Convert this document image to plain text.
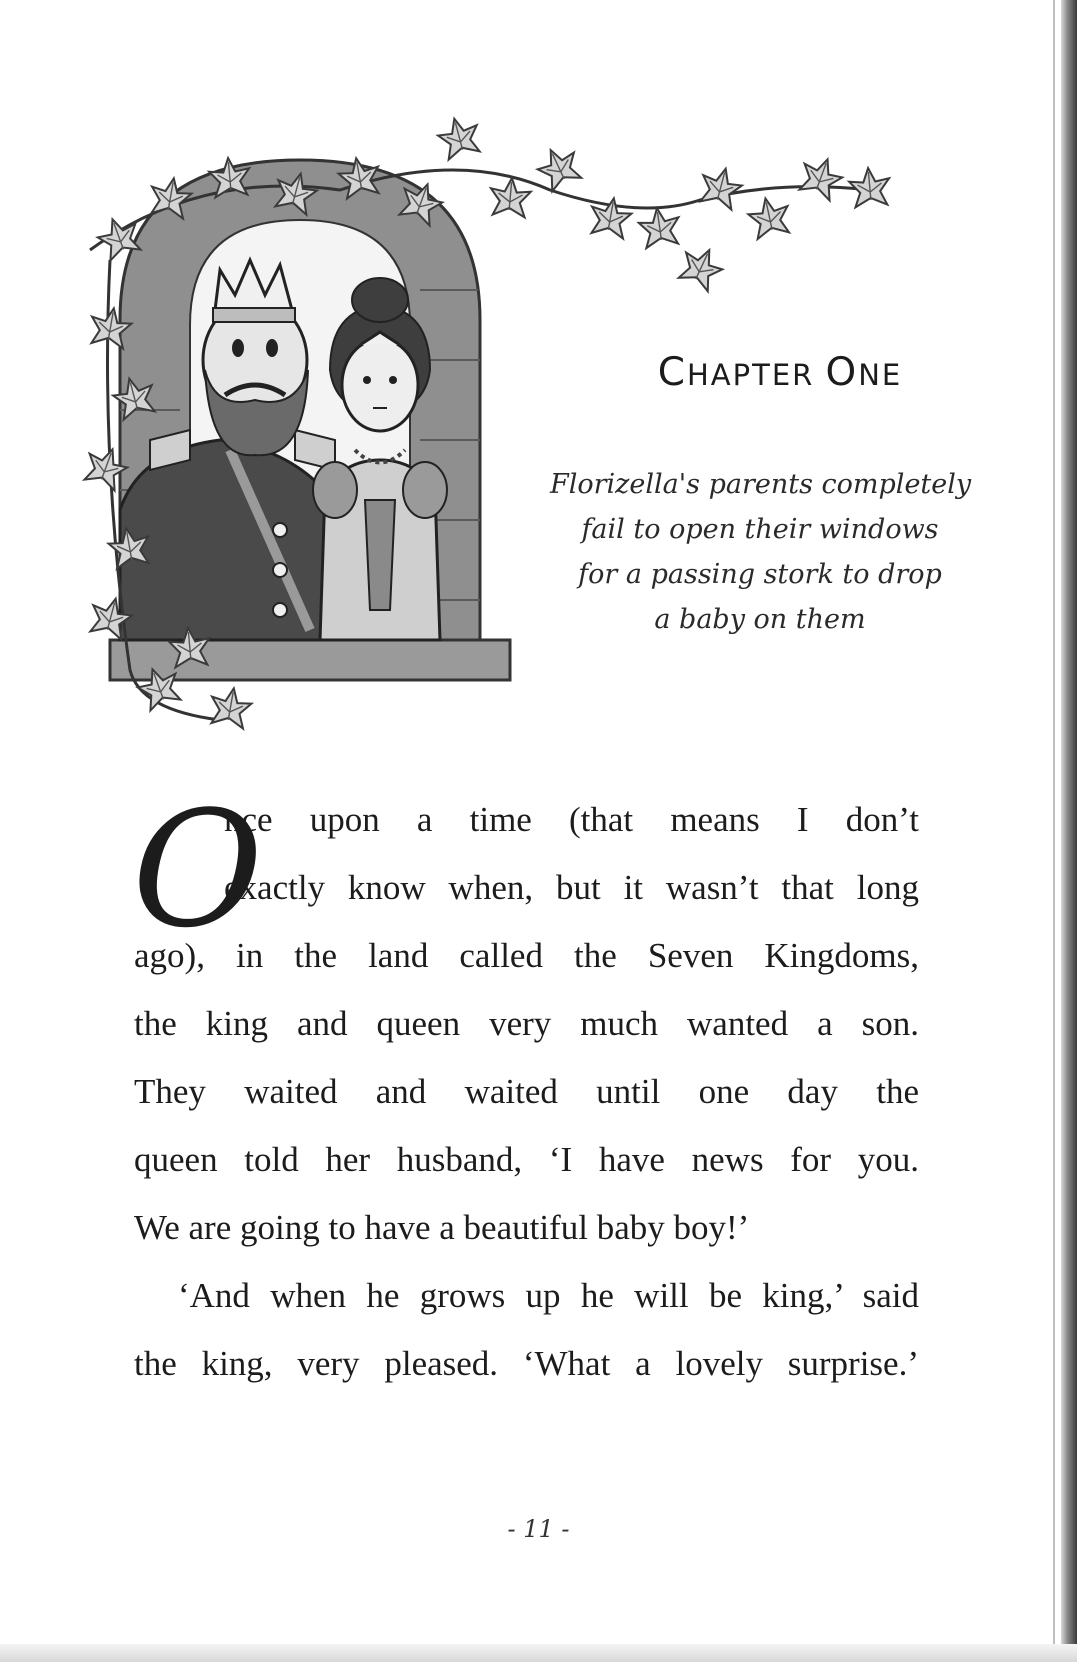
CHAPTER ONE
Florizella's parents completely
fail to open their windows
for a passing stork to drop
a baby on them
O
nce upon a time (that means I don’t
exactly know when, but it wasn’t that long
ago), in the land called the Seven Kingdoms,
the king and queen very much wanted a son.
They waited and waited until one day the
queen told her husband, ‘I have news for you.
We are going to have a beautiful baby boy!’
‘And when he grows up he will be king,’ said
the king, very pleased. ‘What a lovely surprise.’
- 11 -
